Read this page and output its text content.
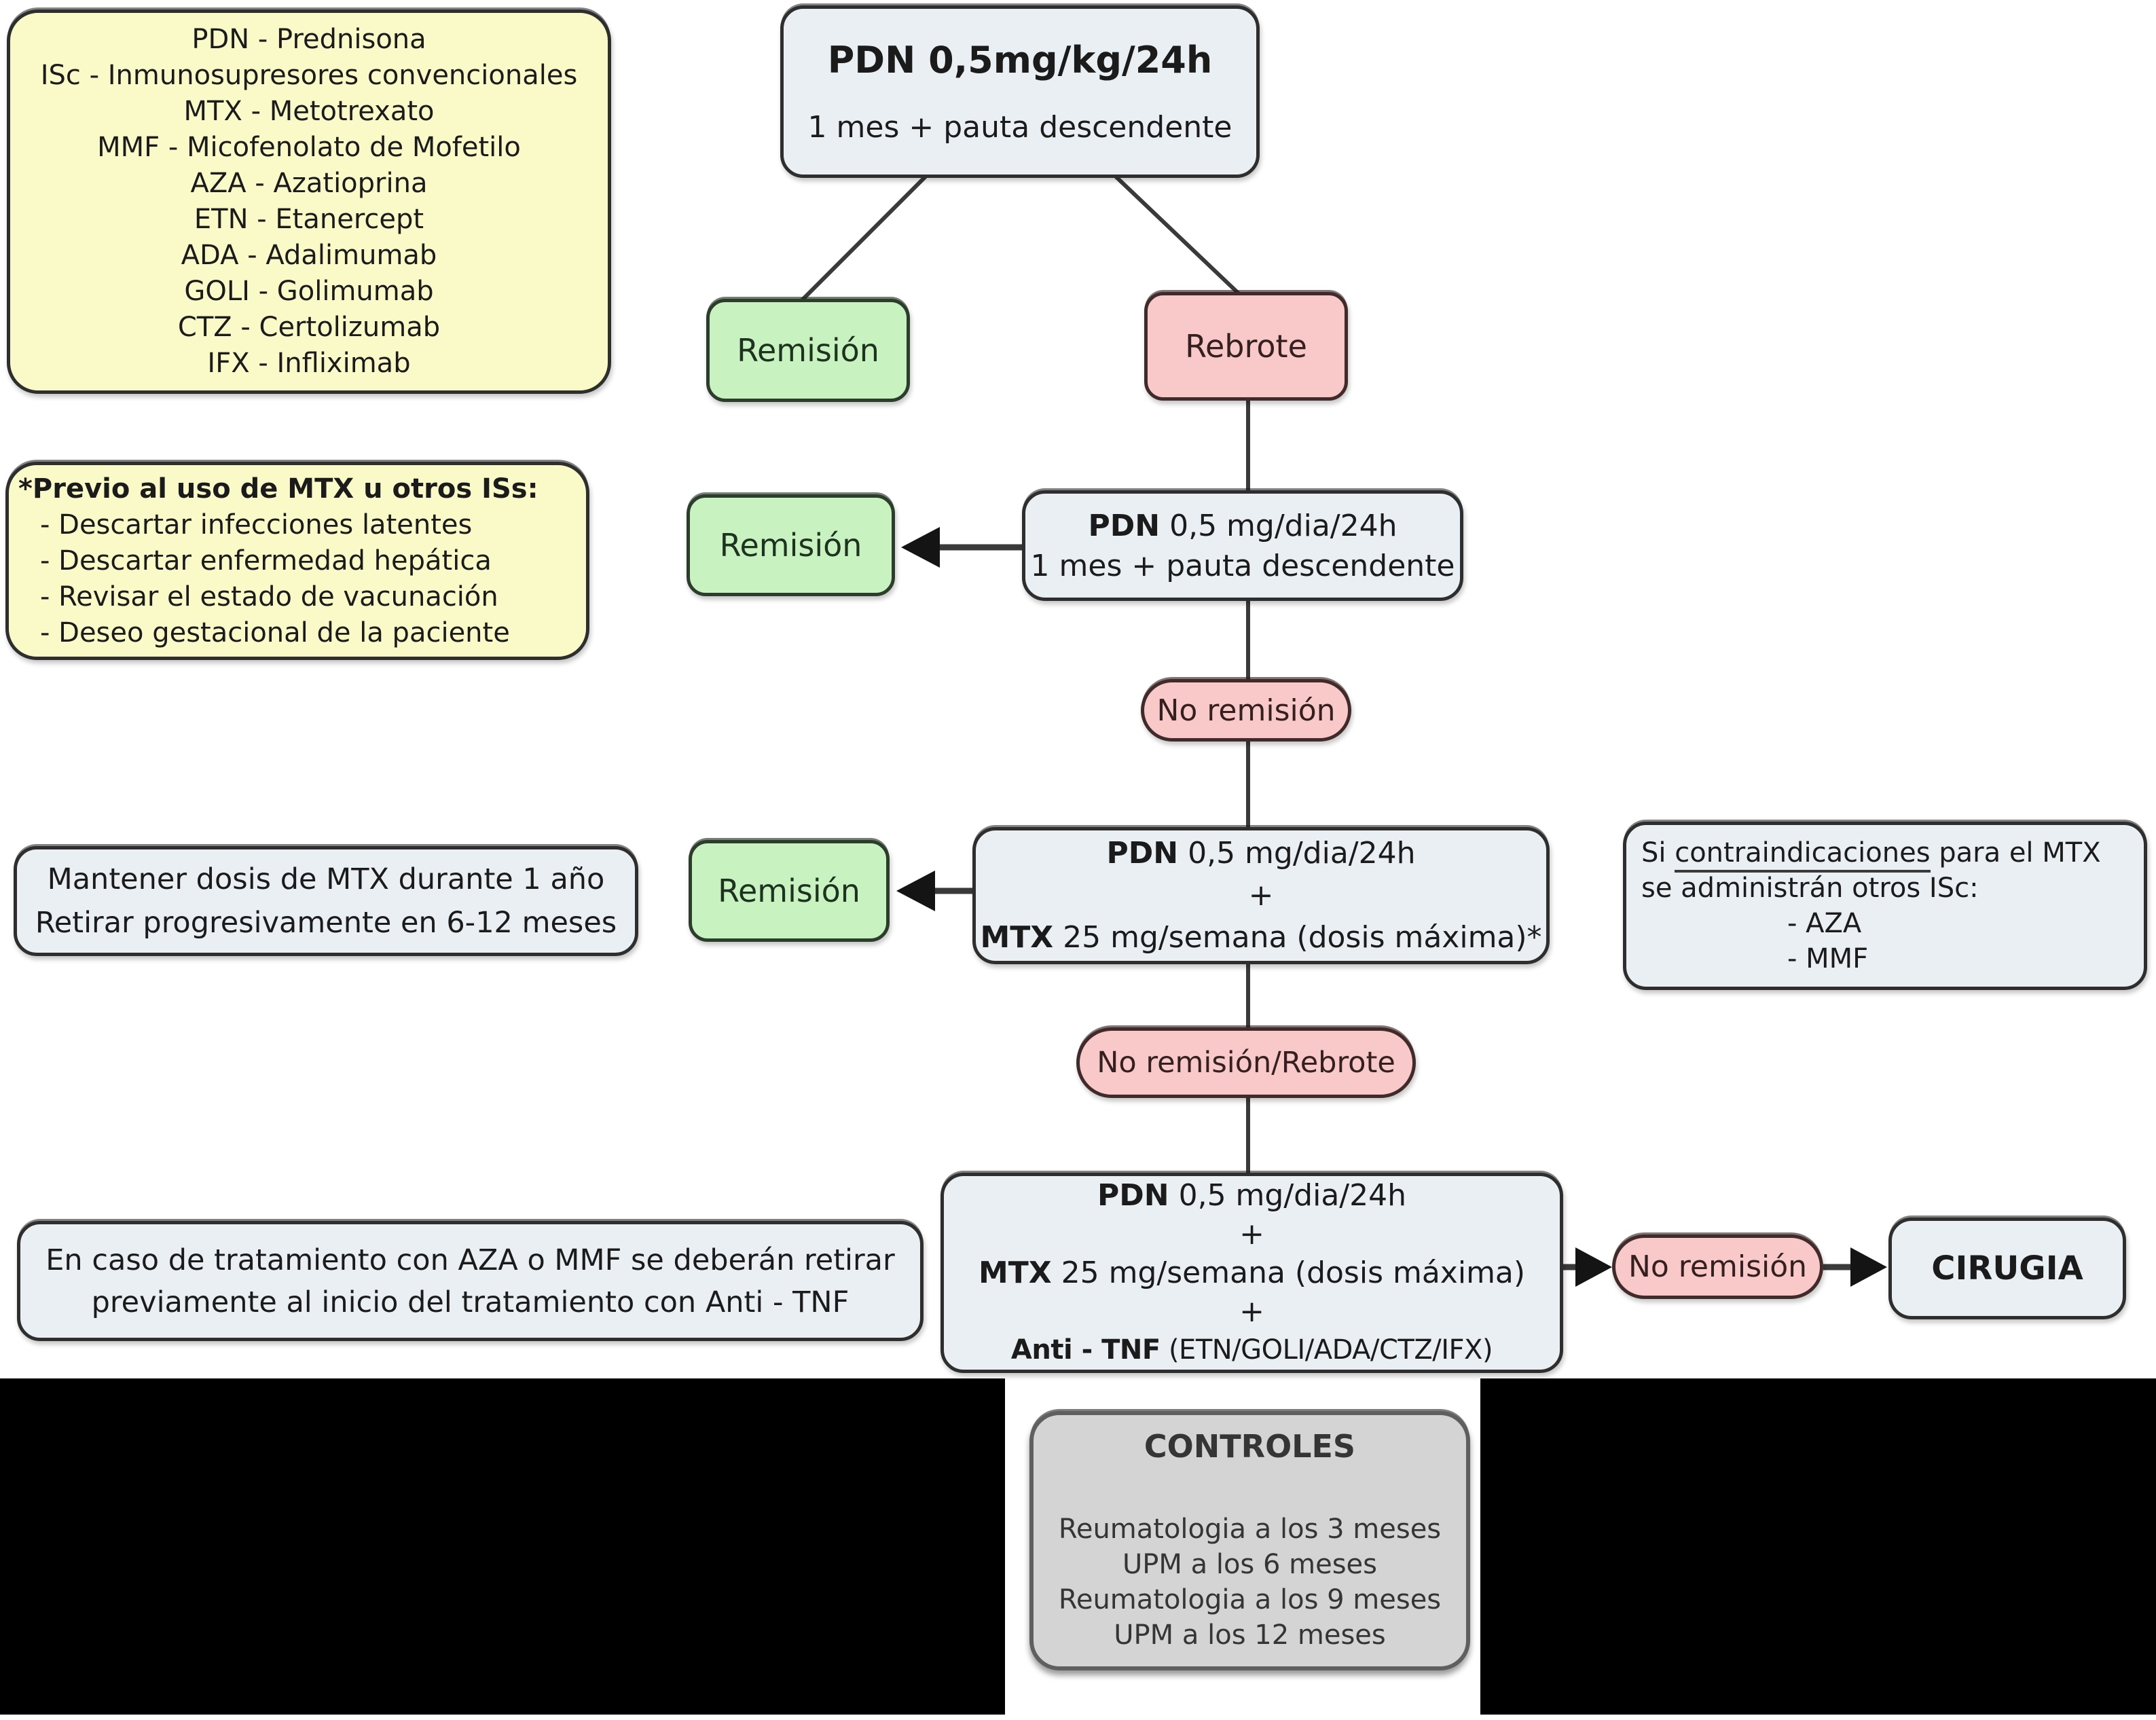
PDN - Prednisona
ISc - Inmunosupresores convencionales
MTX - Metotrexato
MMF - Micofenolato de Mofetilo
AZA - Azatioprina
ETN - Etanercept
ADA - Adalimumab
GOLI - Golimumab
CTZ - Certolizumab
IFX - Infliximab
PDN 0,5mg/kg/24h
1 mes + pauta descendente
Remisión	Rebrote
*Previo al uso de MTX u otros ISs:
- Descartar infecciones latentes
- Descartar enfermedad hepática
- Revisar el estado de vacunación
- Deseo gestacional de la paciente
Remisión
PDN 0,5 mg/dia/24h
1 mes + pauta descendente
No remisión
Mantener dosis de MTX durante 1 año
Retirar progresivamente en 6-12 meses
Remisión
PDN 0,5 mg/dia/24h
+
MTX 25 mg/semana (dosis máxima)*
Si contraindicaciones para el MTX
se administrán otros ISc:
- AZA
- MMF
No remisión/Rebrote
En caso de tratamiento con AZA o MMF se deberán retirar
previamente al inicio del tratamiento con Anti - TNF
PDN 0,5 mg/dia/24h
+
MTX 25 mg/semana (dosis máxima)
+
Anti - TNF (ETN/GOLI/ADA/CTZ/IFX)
No remisión	CIRUGIA
CONTROLES
Reumatologia a los 3 meses
UPM a los 6 meses
Reumatologia a los 9 meses
UPM a los 12 meses
